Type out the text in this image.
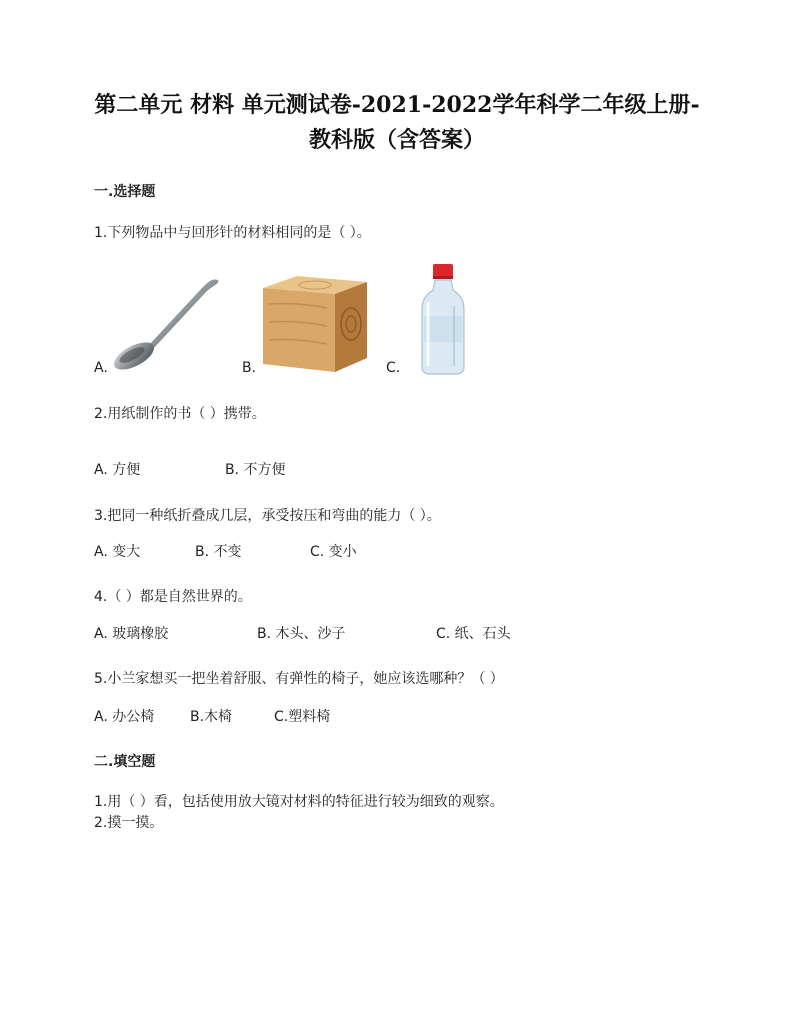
第二单元 材料 单元测试卷-2021-2022学年科学二年级上册-
教科版（含答案）
一.选择题
1.下列物品中与回形针的材料相同的是（ ）。
A.	B.	C.
2.用纸制作的书（ ）携带。
A. 方便	B. 不方便
3.把同一种纸折叠成几层，承受按压和弯曲的能力（ ）。
A. 变大	B. 不变	C. 变小
4.（ ）都是自然世界的。
A. 玻璃橡胶	B. 木头、沙子	C. 纸、石头
5.小兰家想买一把坐着舒服、有弹性的椅子，她应该选哪种？（ ）
A. 办公椅	B.木椅	C.塑料椅
二.填空题
1.用（ ）看，包括使用放大镜对材料的特征进行较为细致的观察。
2.摸一摸。
